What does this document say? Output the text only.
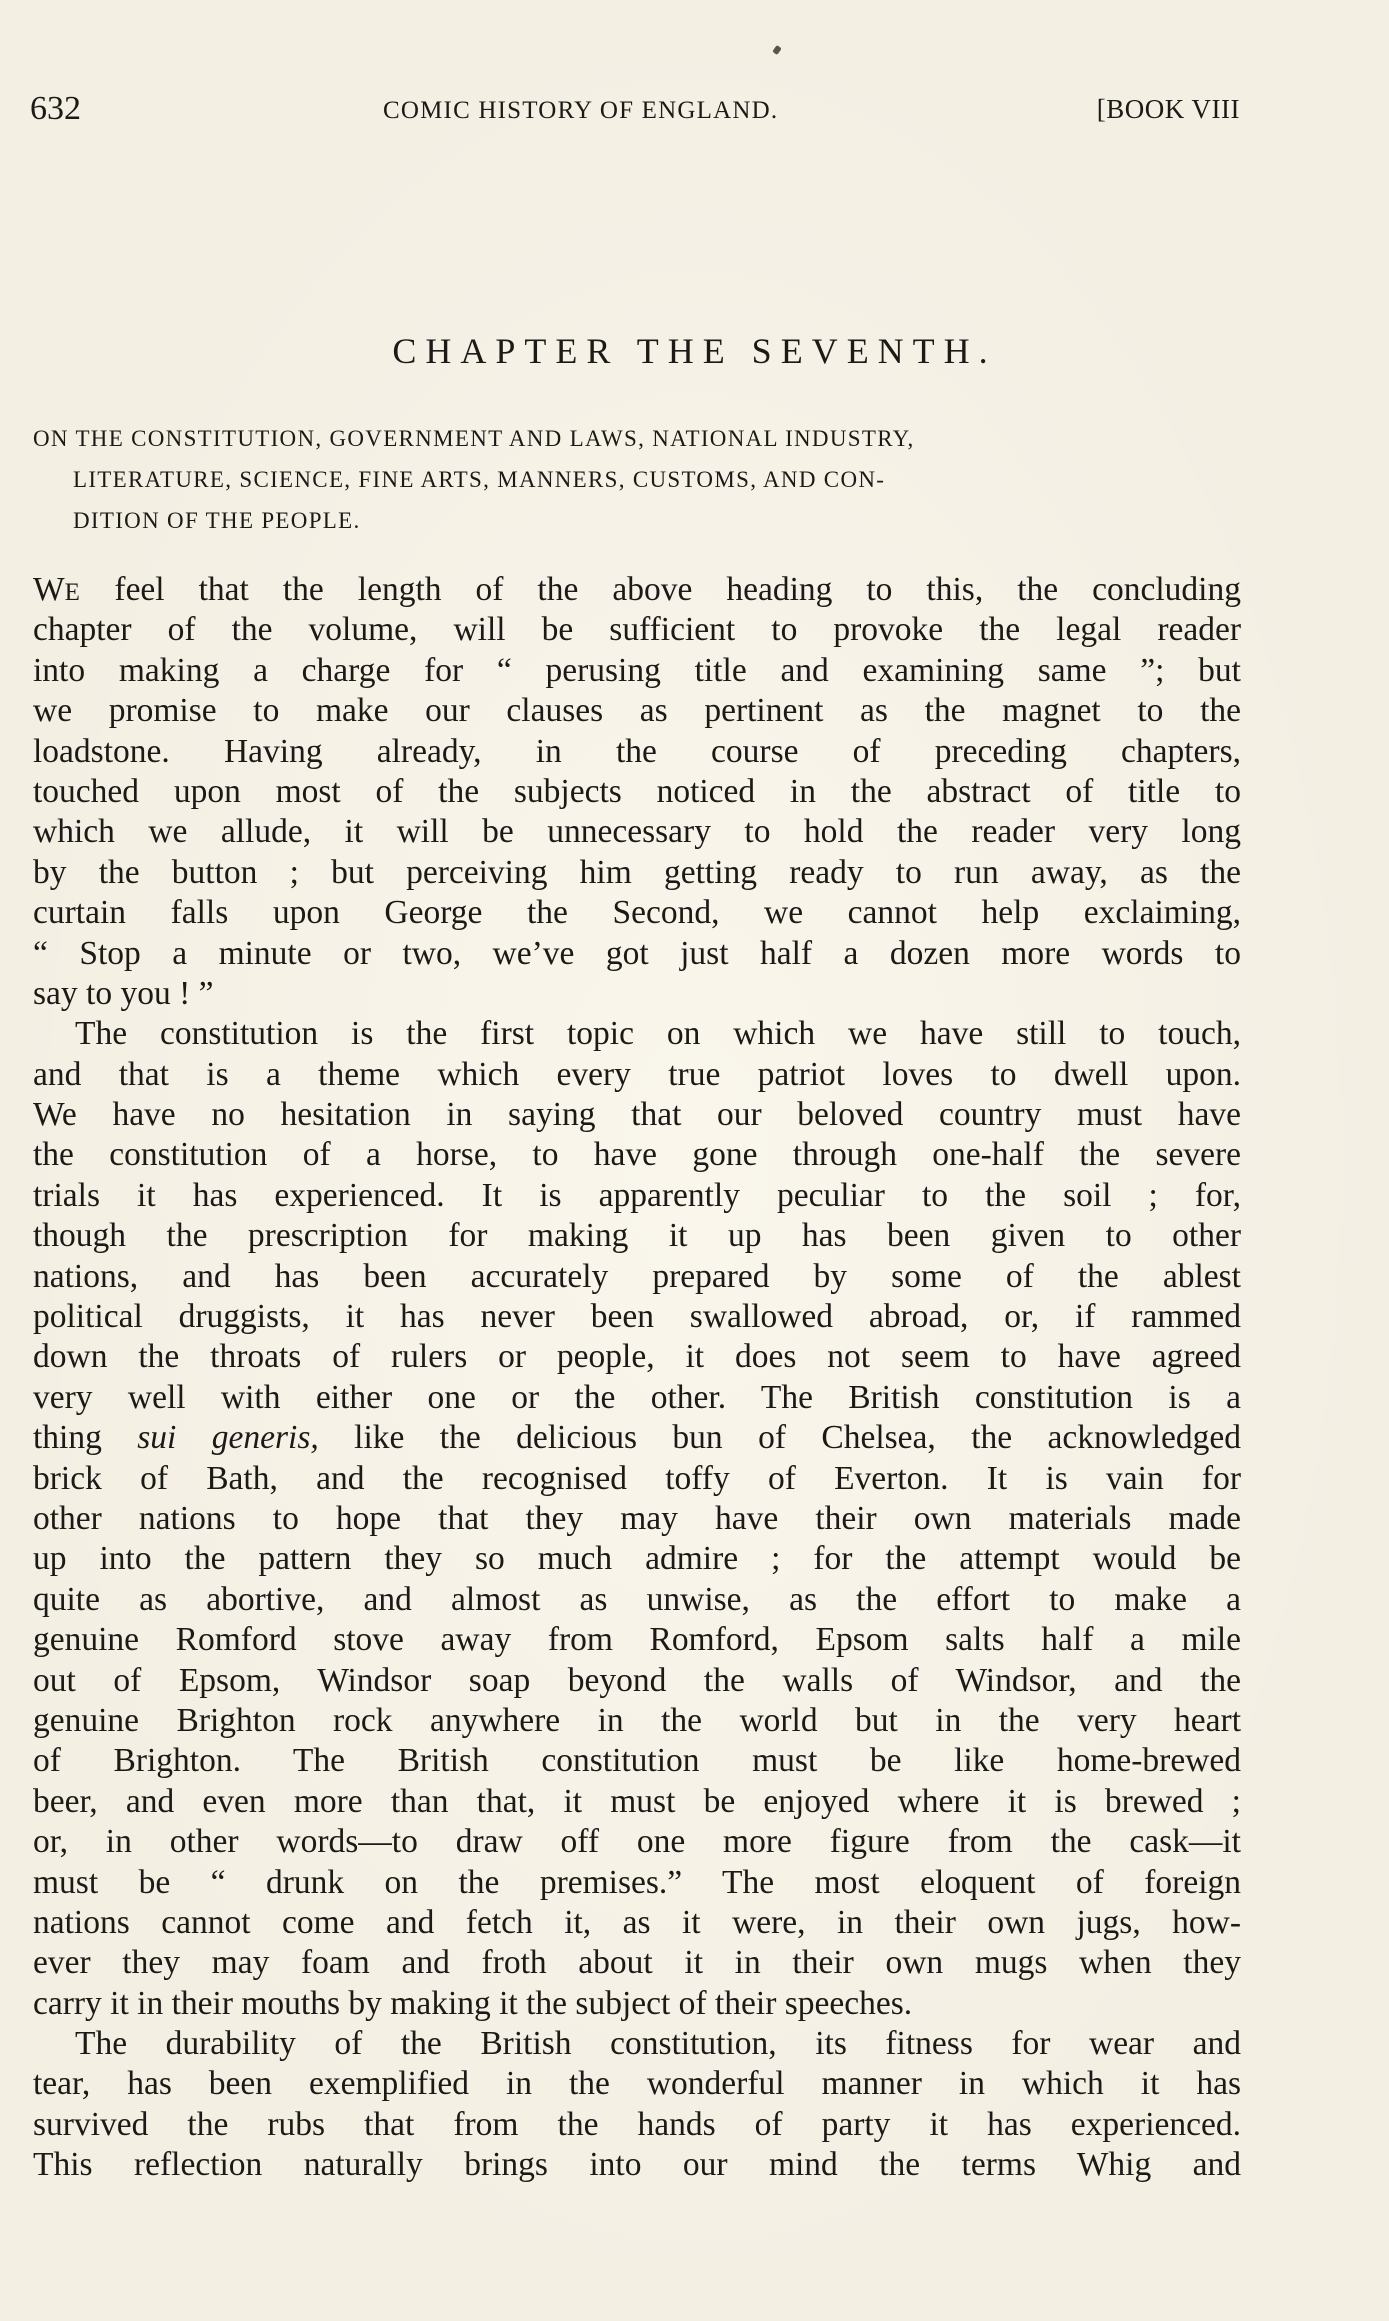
632	COMIC HISTORY OF ENGLAND.	[BOOK VIII
CHAPTER THE SEVENTH.
ON THE CONSTITUTION, GOVERNMENT AND LAWS, NATIONAL INDUSTRY,
LITERATURE, SCIENCE, FINE ARTS, MANNERS, CUSTOMS, AND CON-
DITION OF THE PEOPLE.
WE feel that the length of the above heading to this, the concluding
chapter of the volume, will be sufficient to provoke the legal reader
into making a charge for “ perusing title and examining same ”; but
we promise to make our clauses as pertinent as the magnet to the
loadstone. Having already, in the course of preceding chapters,
touched upon most of the subjects noticed in the abstract of title to
which we allude, it will be unnecessary to hold the reader very long
by the button ; but perceiving him getting ready to run away, as the
curtain falls upon George the Second, we cannot help exclaiming,
“ Stop a minute or two, we’ve got just half a dozen more words to
say to you ! ”
The constitution is the first topic on which we have still to touch,
and that is a theme which every true patriot loves to dwell upon.
We have no hesitation in saying that our beloved country must have
the constitution of a horse, to have gone through one-half the severe
trials it has experienced. It is apparently peculiar to the soil ; for,
though the prescription for making it up has been given to other
nations, and has been accurately prepared by some of the ablest
political druggists, it has never been swallowed abroad, or, if rammed
down the throats of rulers or people, it does not seem to have agreed
very well with either one or the other. The British constitution is a
thing sui generis, like the delicious bun of Chelsea, the acknowledged
brick of Bath, and the recognised toffy of Everton. It is vain for
other nations to hope that they may have their own materials made
up into the pattern they so much admire ; for the attempt would be
quite as abortive, and almost as unwise, as the effort to make a
genuine Romford stove away from Romford, Epsom salts half a mile
out of Epsom, Windsor soap beyond the walls of Windsor, and the
genuine Brighton rock anywhere in the world but in the very heart
of Brighton. The British constitution must be like home-brewed
beer, and even more than that, it must be enjoyed where it is brewed ;
or, in other words—to draw off one more figure from the cask—it
must be “ drunk on the premises.” The most eloquent of foreign
nations cannot come and fetch it, as it were, in their own jugs, how-
ever they may foam and froth about it in their own mugs when they
carry it in their mouths by making it the subject of their speeches.
The durability of the British constitution, its fitness for wear and
tear, has been exemplified in the wonderful manner in which it has
survived the rubs that from the hands of party it has experienced.
This reflection naturally brings into our mind the terms Whig and
